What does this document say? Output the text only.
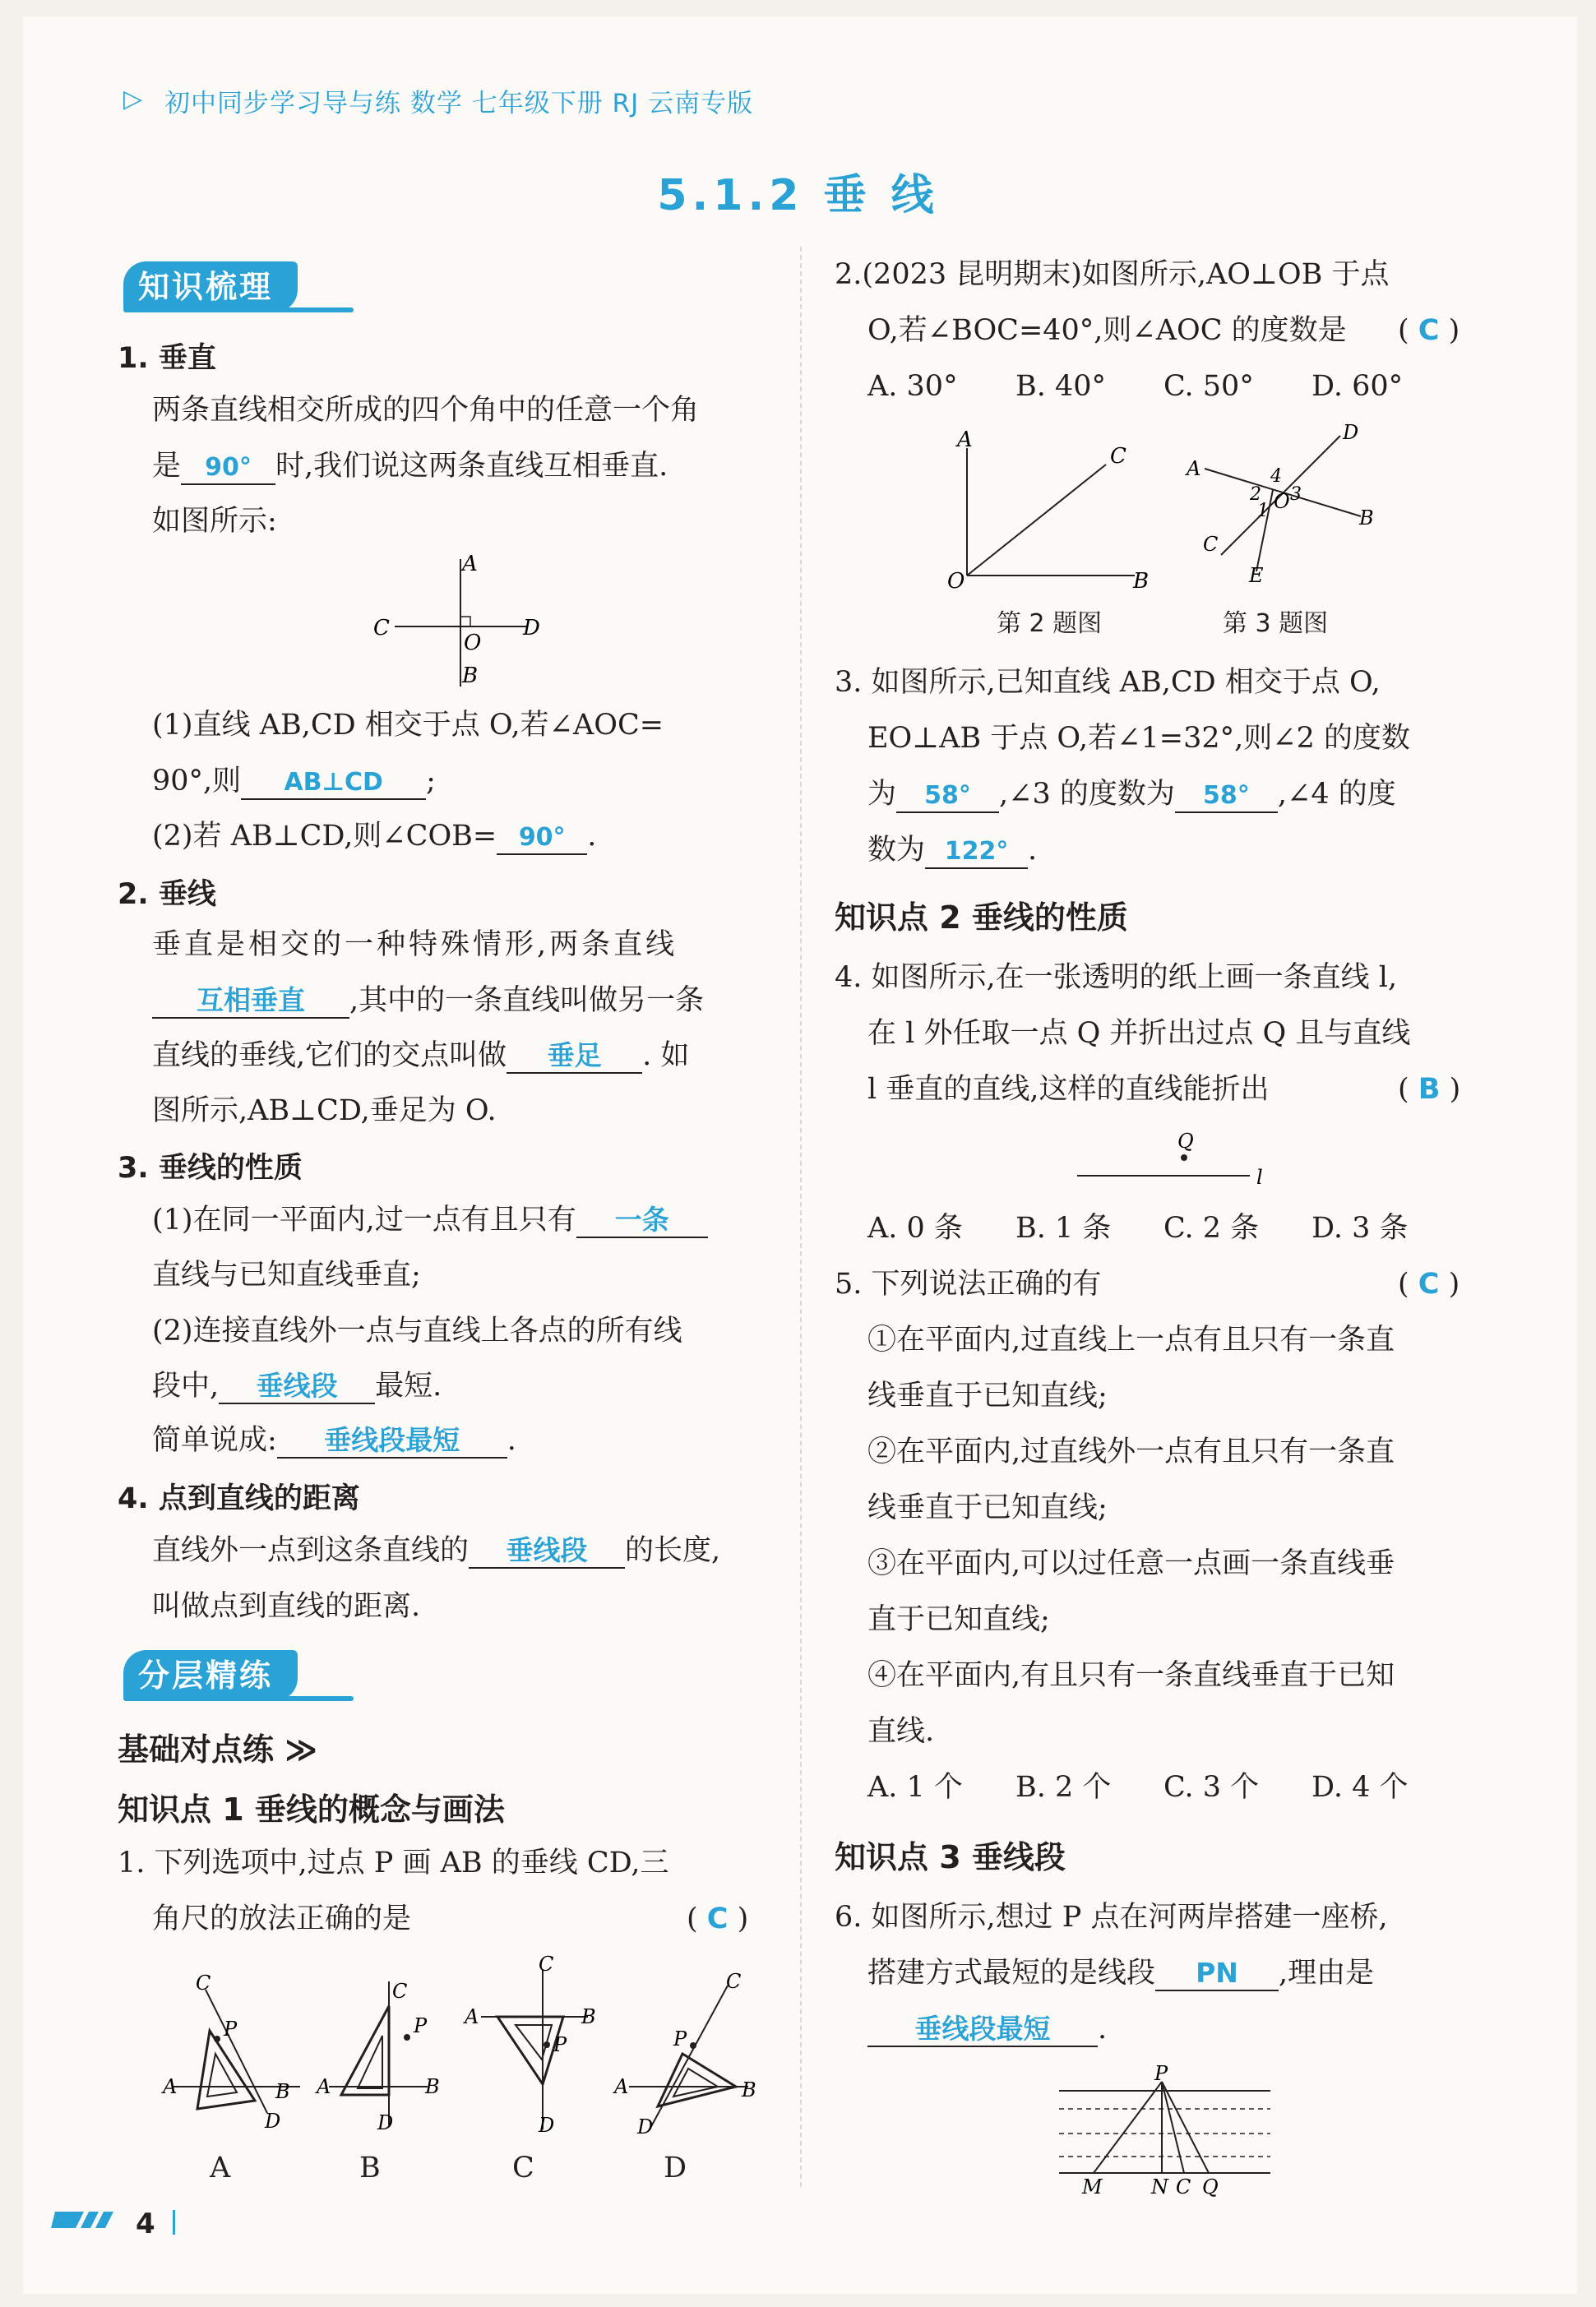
▷ 初中同步学习导与练 数学 七年级下册 RJ 云南专版
5.1.2 垂 线
知识梳理
1. 垂直
两条直线相交所成的四个角中的任意一个角
是 90° 时,我们说这两条直线互相垂直.
如图所示:
A
B
C	D
O
(1)直线 AB,CD 相交于点 O,若∠AOC=
90°,则 AB⊥CD ;
(2)若 AB⊥CD,则∠COB= 90° .
2. 垂线
垂直是相交的一种特殊情形,两条直线
互相垂直 ,其中的一条直线叫做另一条
直线的垂线,它们的交点叫做 垂足 . 如
图所示,AB⊥CD,垂足为 O.
3. 垂线的性质
(1)在同一平面内,过一点有且只有 一条
直线与已知直线垂直;
(2)连接直线外一点与直线上各点的所有线
段中, 垂线段 最短.
简单说成: 垂线段最短 .
4. 点到直线的距离
直线外一点到这条直线的 垂线段 的长度,
叫做点到直线的距离.
分层精练
基础对点练 ≫
知识点 1 垂线的概念与画法
1. 下列选项中,过点 P 画 AB 的垂线 CD,三
角尺的放法正确的是	( C )
C
P
A	B
D
A
C
P
A	B
D
B
C
P
A	B
D
C
C
P
A	B
D
D
2.(2023 昆明期末)如图所示,AO⊥OB 于点
O,若∠BOC=40°,则∠AOC 的度数是 ( C )
A. 30° B. 40° C. 50° D. 60°
A
C
O	B
第 2 题图
A
B
C
D
E
O
2
1
3
4
第 3 题图
3. 如图所示,已知直线 AB,CD 相交于点 O,
EO⊥AB 于点 O,若∠1=32°,则∠2 的度数
为 58° ,∠3 的度数为 58° ,∠4 的度
数为 122° .
知识点 2 垂线的性质
4. 如图所示,在一张透明的纸上画一条直线 l,
在 l 外任取一点 Q 并折出过点 Q 且与直线
l 垂直的直线,这样的直线能折出	( B )
Q
l
A. 0 条 B. 1 条 C. 2 条 D. 3 条
5. 下列说法正确的有	( C )
①在平面内,过直线上一点有且只有一条直
线垂直于已知直线;
②在平面内,过直线外一点有且只有一条直
线垂直于已知直线;
③在平面内,可以过任意一点画一条直线垂
直于已知直线;
④在平面内,有且只有一条直线垂直于已知
直线.
A. 1 个 B. 2 个 C. 3 个 D. 4 个
知识点 3 垂线段
6. 如图所示,想过 P 点在河两岸搭建一座桥,
搭建方式最短的是线段 PN ,理由是
垂线段最短 .
P
M N C Q
4
